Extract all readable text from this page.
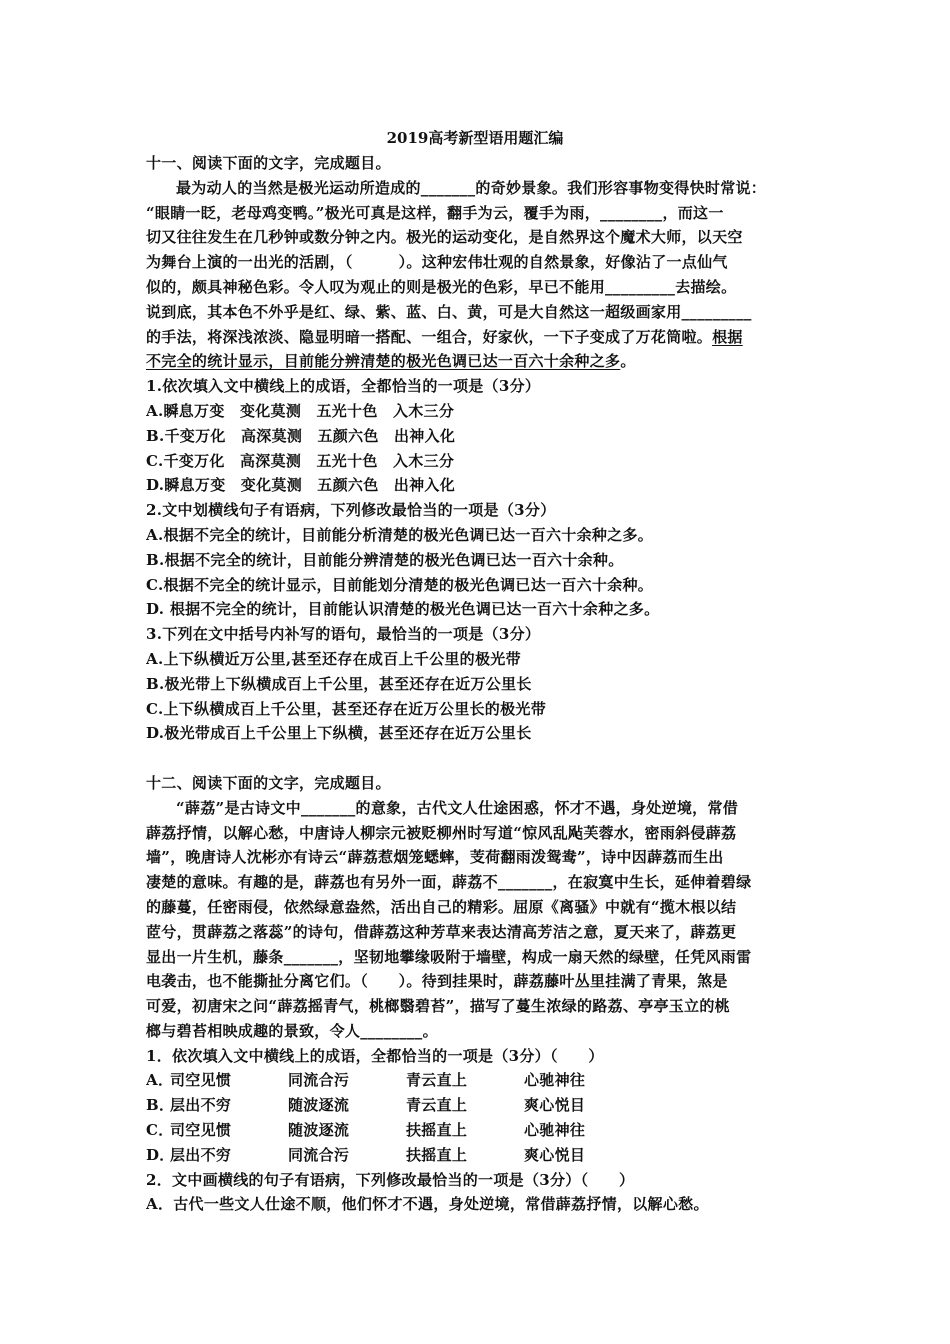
2019高考新型语用题汇编
十一、阅读下面的文字，完成题目。
最为动人的当然是极光运动所造成的_______的奇妙景象。我们形容事物变得快时常说：
“眼睛一眨，老母鸡变鸭。”极光可真是这样，翻手为云，覆手为雨，________，而这一
切又往往发生在几秒钟或数分钟之内。极光的运动变化，是自然界这个魔术大师，以天空
为舞台上演的一出光的活剧，（　　　）。这种宏伟壮观的自然景象，好像沾了一点仙气
似的，颇具神秘色彩。令人叹为观止的则是极光的色彩，早已不能用_________去描绘。
说到底，其本色不外乎是红、绿、紫、蓝、白、黄，可是大自然这一超级画家用_________
的手法，将深浅浓淡、隐显明暗一搭配、一组合，好家伙，一下子变成了万花筒啦。根据
不完全的统计显示，目前能分辨清楚的极光色调已达一百六十余种之多。
1.依次填入文中横线上的成语，全都恰当的一项是（3分）
A.瞬息万变　变化莫测　五光十色　入木三分
B.千变万化　高深莫测　五颜六色　出神入化
C.千变万化　高深莫测　五光十色　入木三分
D.瞬息万变　变化莫测　五颜六色　出神入化
2.文中划横线句子有语病，下列修改最恰当的一项是（3分）
A.根据不完全的统计，目前能分析清楚的极光色调已达一百六十余种之多。
B.根据不完全的统计，目前能分辨清楚的极光色调已达一百六十余种。
C.根据不完全的统计显示，目前能划分清楚的极光色调已达一百六十余种。
D. 根据不完全的统计，目前能认识清楚的极光色调已达一百六十余种之多。
3.下列在文中括号内补写的语句，最恰当的一项是（3分）
A.上下纵横近万公里,甚至还存在成百上千公里的极光带
B.极光带上下纵横成百上千公里，甚至还存在近万公里长
C.上下纵横成百上千公里，甚至还存在近万公里长的极光带
D.极光带成百上千公里上下纵横，甚至还存在近万公里长
十二、阅读下面的文字，完成题目。
“薜荔”是古诗文中_______的意象，古代文人仕途困惑，怀才不遇，身处逆境，常借
薜荔抒情，以解心愁，中唐诗人柳宗元被贬柳州时写道“惊风乱飐芙蓉水，密雨斜侵薜荔
墙”，晚唐诗人沈彬亦有诗云“薜荔惹烟笼蟋蟀，芰荷翻雨泼鸳鸯”，诗中因薜荔而生出
凄楚的意味。有趣的是，薜荔也有另外一面，薜荔不_______，在寂寞中生长，延伸着碧绿
的藤蔓，任密雨侵，依然绿意盎然，活出自己的精彩。屈原《离骚》中就有“揽木根以结
茝兮，贯薜荔之落蕊”的诗句，借薜荔这种芳草来表达清高芳洁之意，夏天来了，薜荔更
显出一片生机，藤条_______，坚韧地攀缘吸附于墙壁，构成一扇天然的绿壁，任凭风雨雷
电袭击，也不能撕扯分离它们。（　　）。待到挂果时，薜荔藤叶丛里挂满了青果，煞是
可爱，初唐宋之问“薜荔摇青气，桃榔翳碧苔”，描写了蔓生浓绿的路荔、亭亭玉立的桃
榔与碧苔相映成趣的景致，令人________。
1．依次填入文中横线上的成语，全都恰当的一项是（3分）（　　）
A．司空见惯	同流合污	青云直上	心驰神往
B．层出不穷	随波逐流	青云直上	爽心悦目
C．司空见惯	随波逐流	扶摇直上	心驰神往
D．层出不穷	同流合污	扶摇直上	爽心悦目
2．文中画横线的句子有语病，下列修改最恰当的一项是（3分）（　　）
A．古代一些文人仕途不顺，他们怀才不遇，身处逆境，常借薜荔抒情，以解心愁。
